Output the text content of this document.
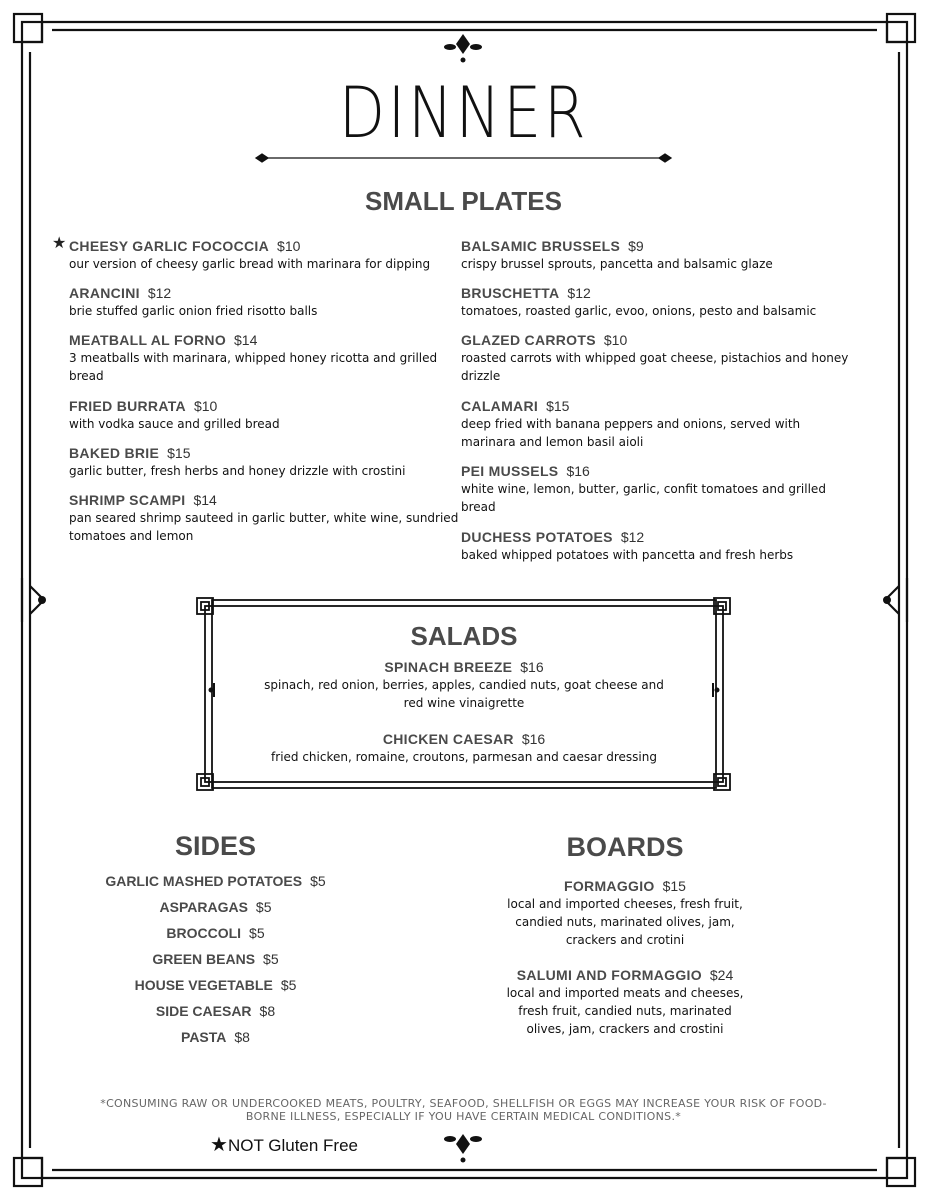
DINNER
SMALL PLATES
★ CHEESY GARLIC FOCOCCIA $10
our version of cheesy garlic bread with marinara for dipping
ARANCINI $12
brie stuffed garlic onion fried risotto balls
MEATBALL AL FORNO $14
3 meatballs with marinara, whipped honey ricotta and grilled bread
FRIED BURRATA $10
with vodka sauce and grilled bread
BAKED BRIE $15
garlic butter, fresh herbs and honey drizzle with crostini
SHRIMP SCAMPI $14
pan seared shrimp sauteed in garlic butter, white wine, sundried tomatoes and lemon
BALSAMIC BRUSSELS $9
crispy brussel sprouts, pancetta and balsamic glaze
BRUSCHETTA $12
tomatoes, roasted garlic, evoo, onions, pesto and balsamic
GLAZED CARROTS $10
roasted carrots with whipped goat cheese, pistachios and honey drizzle
CALAMARI $15
deep fried with banana peppers and onions, served with marinara and lemon basil aioli
PEI MUSSELS $16
white wine, lemon, butter, garlic, confit tomatoes and grilled bread
DUCHESS POTATOES $12
baked whipped potatoes with pancetta and fresh herbs
SALADS
SPINACH BREEZE $16
spinach, red onion, berries, apples, candied nuts, goat cheese and red wine vinaigrette
CHICKEN CAESAR $16
fried chicken, romaine, croutons, parmesan and caesar dressing
SIDES
GARLIC MASHED POTATOES $5
ASPARAGAS $5
BROCCOLI $5
GREEN BEANS $5
HOUSE VEGETABLE $5
SIDE CAESAR $8
PASTA $8
BOARDS
FORMAGGIO $15
local and imported cheeses, fresh fruit, candied nuts, marinated olives, jam, crackers and crotini
SALUMI AND FORMAGGIO $24
local and imported meats and cheeses, fresh fruit, candied nuts, marinated olives, jam, crackers and crostini
*CONSUMING RAW OR UNDERCOOKED MEATS, POULTRY, SEAFOOD, SHELLFISH OR EGGS MAY INCREASE YOUR RISK OF FOOD-BORNE ILLNESS, ESPECIALLY IF YOU HAVE CERTAIN MEDICAL CONDITIONS.*
★NOT Gluten Free
